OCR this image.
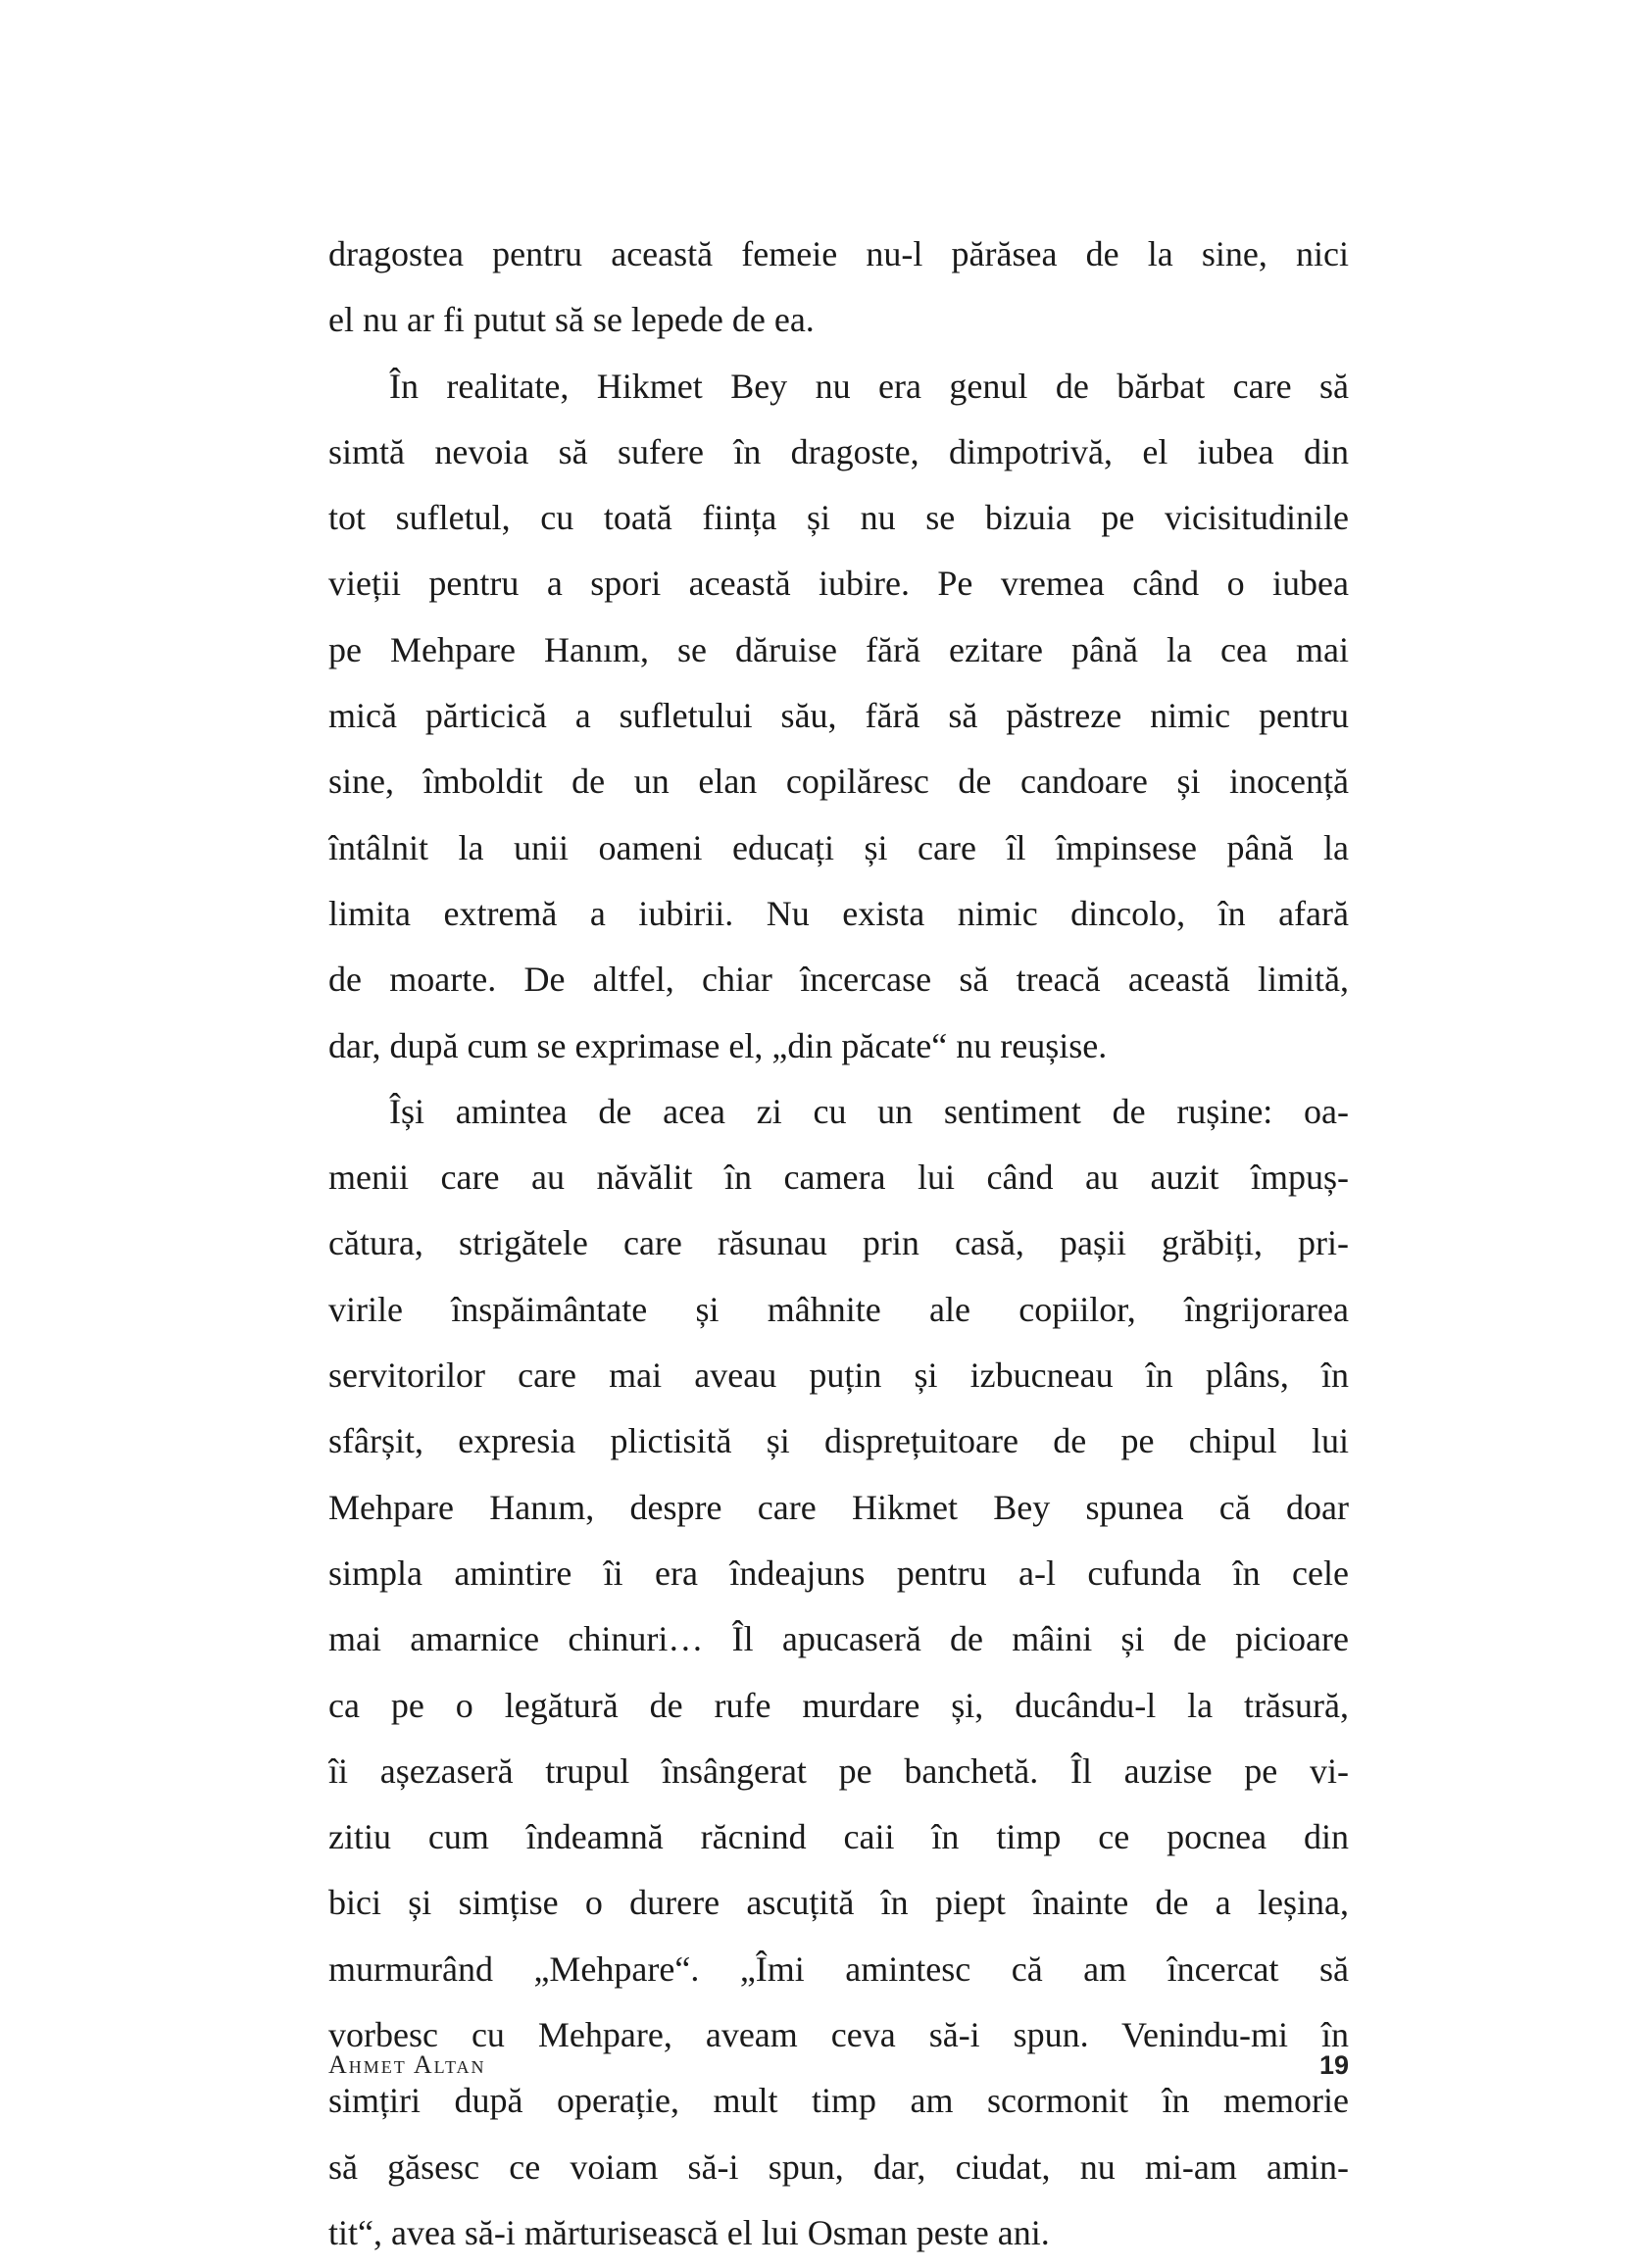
dragostea pentru această femeie nu-l părăsea de la sine, nici
el nu ar fi putut să se lepede de ea.
În realitate, Hikmet Bey nu era genul de bărbat care să
simtă nevoia să sufere în dragoste, dimpotrivă, el iubea din
tot sufletul, cu toată ființa și nu se bizuia pe vicisitudinile
vieții pentru a spori această iubire. Pe vremea când o iubea
pe Mehpare Hanım, se dăruise fără ezitare până la cea mai
mică părticică a sufletului său, fără să păstreze nimic pentru
sine, îmboldit de un elan copilăresc de candoare și inocență
întâlnit la unii oameni educați și care îl împinsese până la
limita extremă a iubirii. Nu exista nimic dincolo, în afară
de moarte. De altfel, chiar încercase să treacă această limită,
dar, după cum se exprimase el, „din păcate“ nu reușise.
Își amintea de acea zi cu un sentiment de rușine: oa-
menii care au năvălit în camera lui când au auzit împuș-
cătura, strigătele care răsunau prin casă, pașii grăbiți, pri-
virile înspăimântate și mâhnite ale copiilor, îngrijorarea
servitorilor care mai aveau puțin și izbucneau în plâns, în
sfârșit, expresia plictisită și disprețuitoare de pe chipul lui
Mehpare Hanım, despre care Hikmet Bey spunea că doar
simpla amintire îi era îndeajuns pentru a-l cufunda în cele
mai amarnice chinuri… Îl apucaseră de mâini și de picioare
ca pe o legătură de rufe murdare și, ducându-l la trăsură,
îi așezaseră trupul însângerat pe banchetă. Îl auzise pe vi-
zitiu cum îndeamnă răcnind caii în timp ce pocnea din
bici și simțise o durere ascuțită în piept înainte de a leșina,
murmurând „Mehpare“. „Îmi amintesc că am încercat să
vorbesc cu Mehpare, aveam ceva să-i spun. Venindu-mi în
simțiri după operație, mult timp am scormonit în memorie
să găsesc ce voiam să-i spun, dar, ciudat, nu mi-am amin-
tit“, avea să-i mărturisească el lui Osman peste ani.
Ahmet Altan	19
